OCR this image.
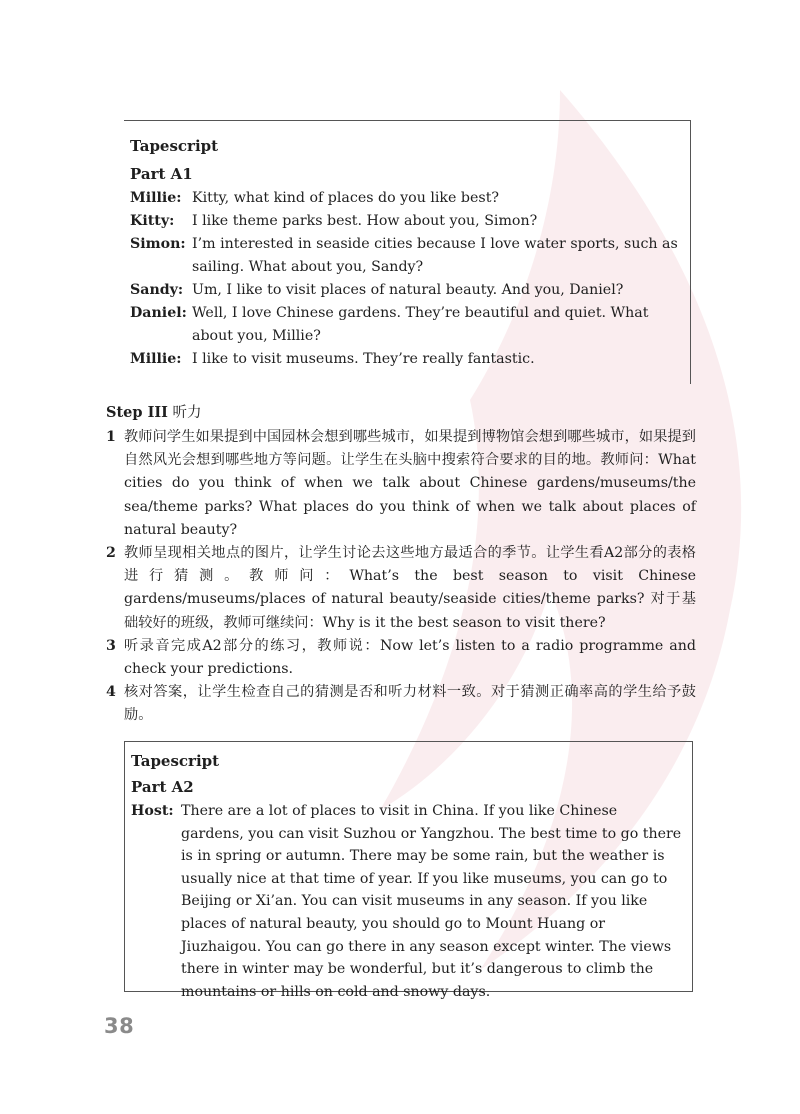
Tapescript
Part A1
Millie: Kitty, what kind of places do you like best?
Kitty:	I like theme parks best. How about you, Simon?
Simon: I’m interested in seaside cities because I love water sports, such as sailing. What about you, Sandy?
Sandy: Um, I like to visit places of natural beauty. And you, Daniel?
Daniel: Well, I love Chinese gardens. They’re beautiful and quiet. What about you, Millie?
Millie: I like to visit museums. They’re really fantastic.
Step III 听力
1 教师问学生如果提到中国园林会想到哪些城市，如果提到博物馆会想到哪些城市，如果提到自然风光会想到哪些地方等问题。让学生在头脑中搜索符合要求的目的地。教师问：What cities do you think of when we talk about Chinese gardens/museums/the sea/theme parks? What places do you think of when we talk about places of natural beauty?
2 教师呈现相关地点的图片，让学生讨论去这些地方最适合的季节。让学生看A2部分的表格进行猜测。教师问：What’s the best season to visit Chinese gardens/museums/places of natural beauty/seaside cities/theme parks? 对于基础较好的班级，教师可继续问：Why is it the best season to visit there?
3 听录音完成A2部分的练习，教师说：Now let’s listen to a radio programme and check your predictions.
4 核对答案，让学生检查自己的猜测是否和听力材料一致。对于猜测正确率高的学生给予鼓励。
Tapescript
Part A2
Host: There are a lot of places to visit in China. If you like Chinese gardens, you can visit Suzhou or Yangzhou. The best time to go there is in spring or autumn. There may be some rain, but the weather is usually nice at that time of year. If you like museums, you can go to Beijing or Xi’an. You can visit museums in any season. If you like places of natural beauty, you should go to Mount Huang or Jiuzhaigou. You can go there in any season except winter. The views there in winter may be wonderful, but it’s dangerous to climb the mountains or hills on cold and snowy days.
38
